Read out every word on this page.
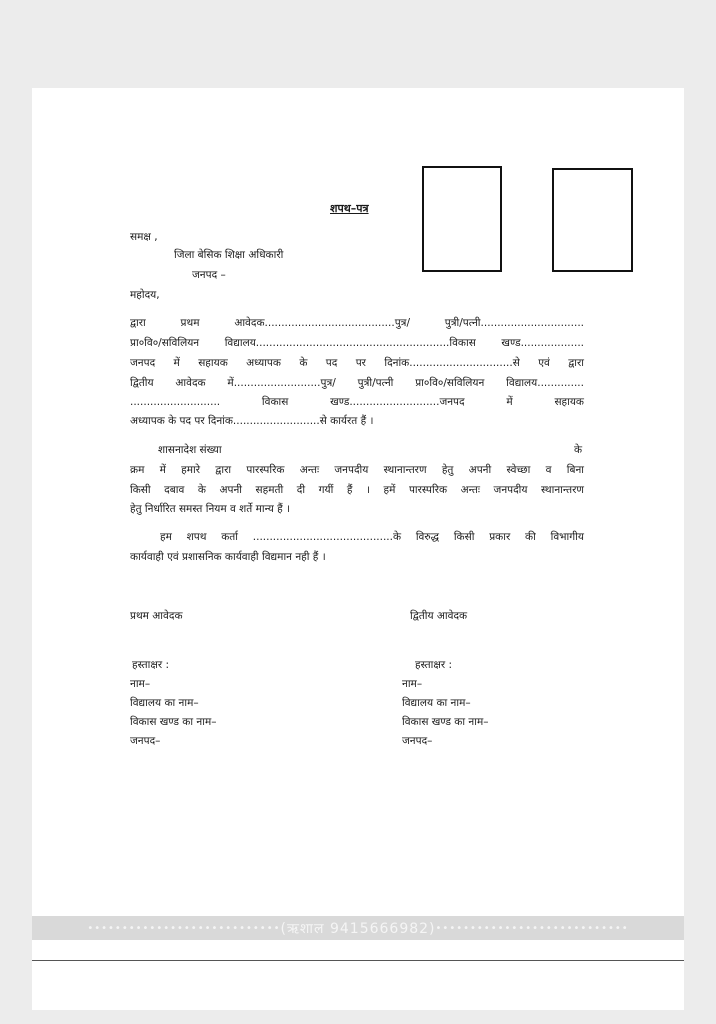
शपथ–पत्र
समक्ष ,
जिला बेसिक शिक्षा अधिकारी
जनपद –
महोदय,
द्वारा प्रथम आवेदक.......................................पुत्र/ पुत्री/पत्नी...............................
प्रा०वि०/सविलियन विद्यालय..........................................................विकास खण्ड...................
जनपद में सहायक अध्यापक के पद पर दिनांक...............................से एवं द्वारा
द्वितीय आवेदक में..........................पुत्र/ पुत्री/पत्नी प्रा०वि०/सविलियन विद्यालय..............
........................... विकास खण्ड...........................जनपद में सहायक
अध्यापक के पद पर दिनांक..........................से कार्यरत हैं ।
शासनादेश संख्या	के
क्रम में हमारे द्वारा पारस्परिक अन्तः जनपदीय स्थानान्तरण हेतु अपनी स्वेच्छा व बिना
किसी दबाव के अपनी सहमती दी गयीं हैं । हमें पारस्परिक अन्तः जनपदीय स्थानान्तरण
हेतु निर्धारित समस्त नियम व शर्ते मान्य हैं ।
हम शपथ कर्ता ..........................................के विरुद्ध किसी प्रकार की विभागीय
कार्यवाही एवं प्रशासनिक कार्यवाही विद्यमान नही हैं ।
प्रथम आवेदक	द्वितीय आवेदक
हस्ताक्षर :
नाम–
विद्यालय का नाम–
विकास खण्ड का नाम–
जनपद–
हस्ताक्षर :
नाम–
विद्यालय का नाम–
विकास खण्ड का नाम–
जनपद–
•••••••••••••••••••••••••••• (ऋशाल 9415666982) ••••••••••••••••••••••••••••
